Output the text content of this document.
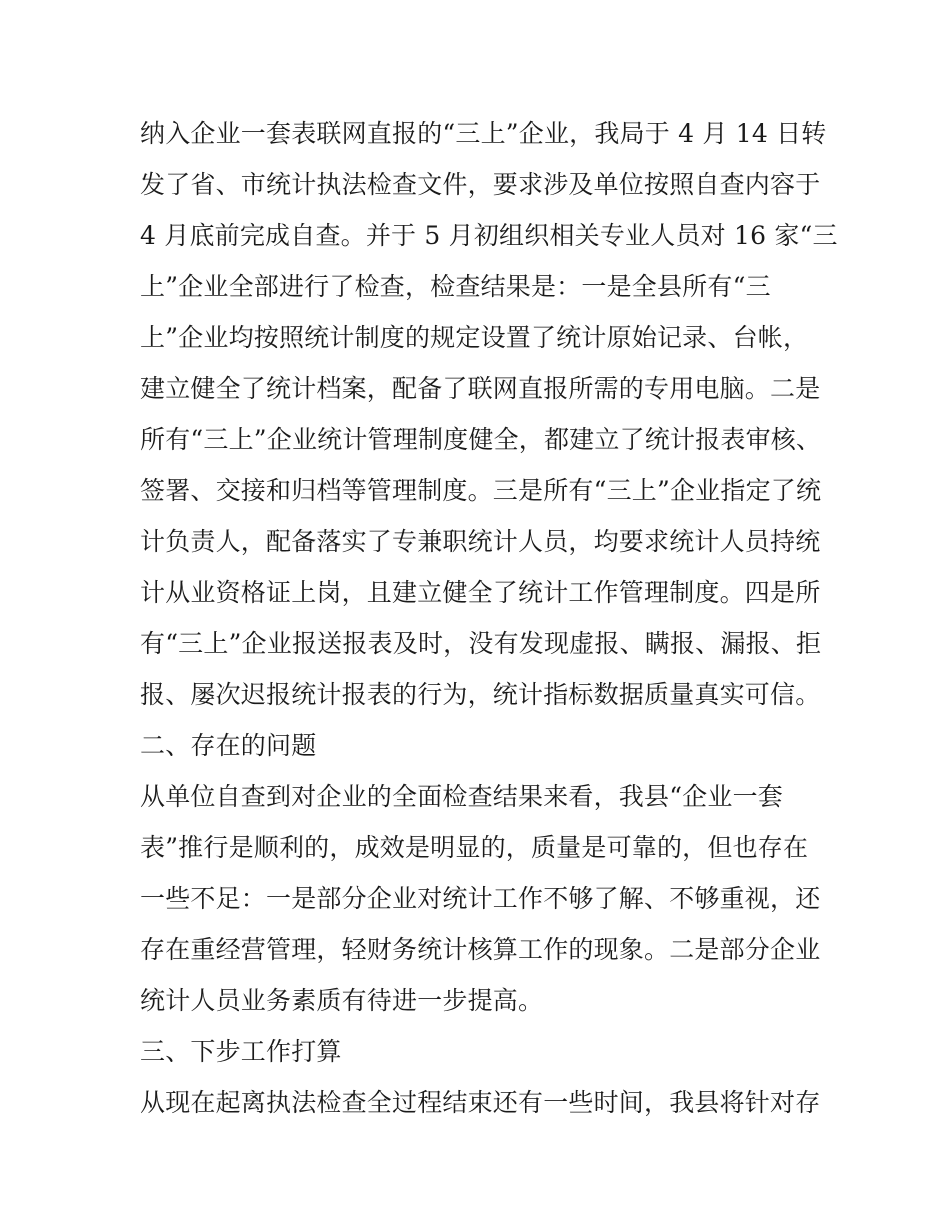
纳入企业一套表联网直报的“三上”企业，我局于 4 月 14 日转
发了省、市统计执法检查文件，要求涉及单位按照自查内容于
4 月底前完成自查。并于 5 月初组织相关专业人员对 16 家“三
上”企业全部进行了检查，检查结果是：一是全县所有“三
上”企业均按照统计制度的规定设置了统计原始记录、台帐，
建立健全了统计档案，配备了联网直报所需的专用电脑。二是
所有“三上”企业统计管理制度健全，都建立了统计报表审核、
签署、交接和归档等管理制度。三是所有“三上”企业指定了统
计负责人，配备落实了专兼职统计人员，均要求统计人员持统
计从业资格证上岗，且建立健全了统计工作管理制度。四是所
有“三上”企业报送报表及时，没有发现虚报、瞒报、漏报、拒
报、屡次迟报统计报表的行为，统计指标数据质量真实可信。
二、存在的问题
从单位自查到对企业的全面检查结果来看，我县“企业一套
表”推行是顺利的，成效是明显的，质量是可靠的，但也存在
一些不足：一是部分企业对统计工作不够了解、不够重视，还
存在重经营管理，轻财务统计核算工作的现象。二是部分企业
统计人员业务素质有待进一步提高。
三、下步工作打算
从现在起离执法检查全过程结束还有一些时间，我县将针对存
